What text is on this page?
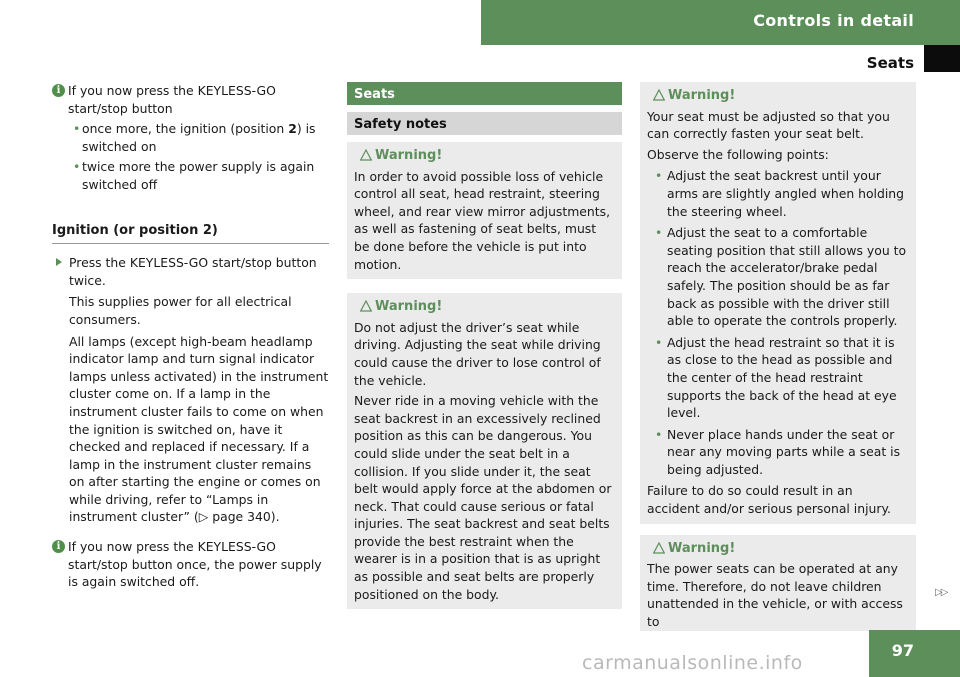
Controls in detail
Seats
i If you now press the KEYLESS-GO start/stop button
• once more, the ignition (position 2) is switched on
• twice more the power supply is again switched off
Ignition (or position 2)
Press the KEYLESS-GO start/stop button twice.
This supplies power for all electrical consumers.
All lamps (except high-beam headlamp indicator lamp and turn signal indicator lamps unless activated) in the instrument cluster come on. If a lamp in the instrument cluster fails to come on when the ignition is switched on, have it checked and replaced if necessary. If a lamp in the instrument cluster remains on after starting the engine or comes on while driving, refer to “Lamps in instrument cluster” (▷ page 340).
i If you now press the KEYLESS-GO start/stop button once, the power supply is again switched off.
Seats
Safety notes
Warning!

In order to avoid possible loss of vehicle control all seat, head restraint, steering wheel, and rear view mirror adjustments, as well as fastening of seat belts, must be done before the vehicle is put into motion.

Warning!

Do not adjust the driver’s seat while driving. Adjusting the seat while driving could cause the driver to lose control of the vehicle.

Never ride in a moving vehicle with the seat backrest in an excessively reclined position as this can be dangerous. You could slide under the seat belt in a collision. If you slide under it, the seat belt would apply force at the abdomen or neck. That could cause serious or fatal injuries. The seat backrest and seat belts provide the best restraint when the wearer is in a position that is as upright as possible and seat belts are properly positioned on the body.

Warning!

Your seat must be adjusted so that you can correctly fasten your seat belt.

Observe the following points:

• Adjust the seat backrest until your arms are slightly angled when holding the steering wheel.
• Adjust the seat to a comfortable seating position that still allows you to reach the accelerator/brake pedal safely. The position should be as far back as possible with the driver still able to operate the controls properly.
• Adjust the head restraint so that it is as close to the head as possible and the center of the head restraint supports the back of the head at eye level.
• Never place hands under the seat or near any moving parts while a seat is being adjusted.

Failure to do so could result in an accident and/or serious personal injury.

Warning!

The power seats can be operated at any time. Therefore, do not leave children unattended in the vehicle, or with access to

▷▷
97
carmanualsonline.info
